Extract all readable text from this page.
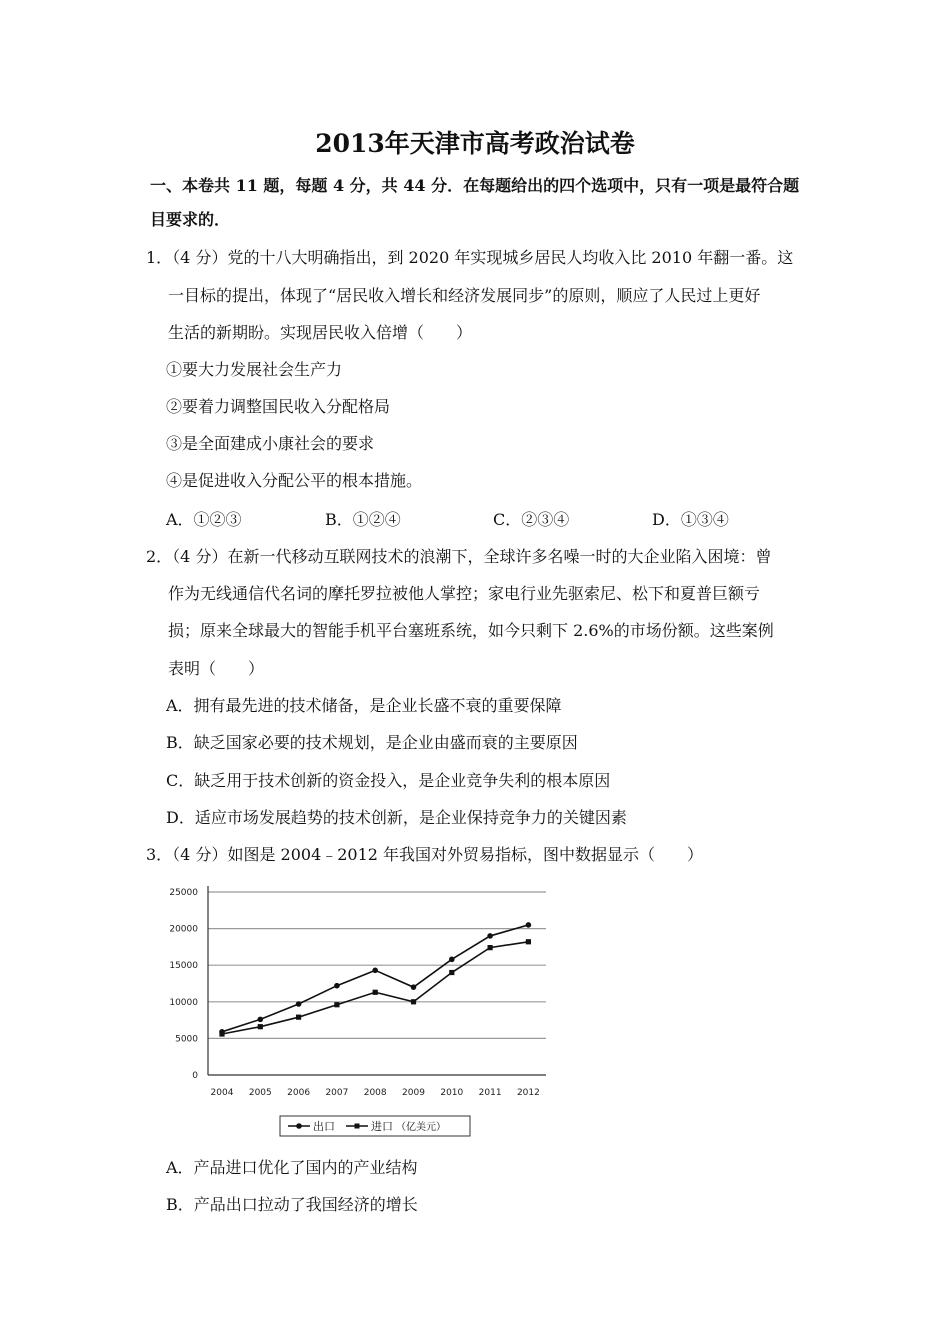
2013年天津市高考政治试卷
一、本卷共 11 题，每题 4 分，共 44 分．在每题给出的四个选项中，只有一项是最符合题
目要求的．
1．（4 分）党的十八大明确指出，到 2020 年实现城乡居民人均收入比 2010 年翻一番。这
一目标的提出，体现了“居民收入增长和经济发展同步”的原则，顺应了人民过上更好
生活的新期盼。实现居民收入倍增（　　）
①要大力发展社会生产力
②要着力调整国民收入分配格局
③是全面建成小康社会的要求
④是促进收入分配公平的根本措施。
A．①②③	B．①②④	C．②③④	D．①③④
2．（4 分）在新一代移动互联网技术的浪潮下，全球许多名噪一时的大企业陷入困境：曾
作为无线通信代名词的摩托罗拉被他人掌控；家电行业先驱索尼、松下和夏普巨额亏
损；原来全球最大的智能手机平台塞班系统，如今只剩下 2.6%的市场份额。这些案例
表明（　　）
A．拥有最先进的技术储备，是企业长盛不衰的重要保障
B．缺乏国家必要的技术规划，是企业由盛而衰的主要原因
C．缺乏用于技术创新的资金投入，是企业竞争失利的根本原因
D．适应市场发展趋势的技术创新，是企业保持竞争力的关键因素
3．（4 分）如图是 2004﹣2012 年我国对外贸易指标，图中数据显示（　　）
0
5000
10000
15000
20000
25000
2004 2005 2006 2007 2008 2009 2010 2011 2012
出口	进口 （亿美元）
A．产品进口优化了国内的产业结构
B．产品出口拉动了我国经济的增长
